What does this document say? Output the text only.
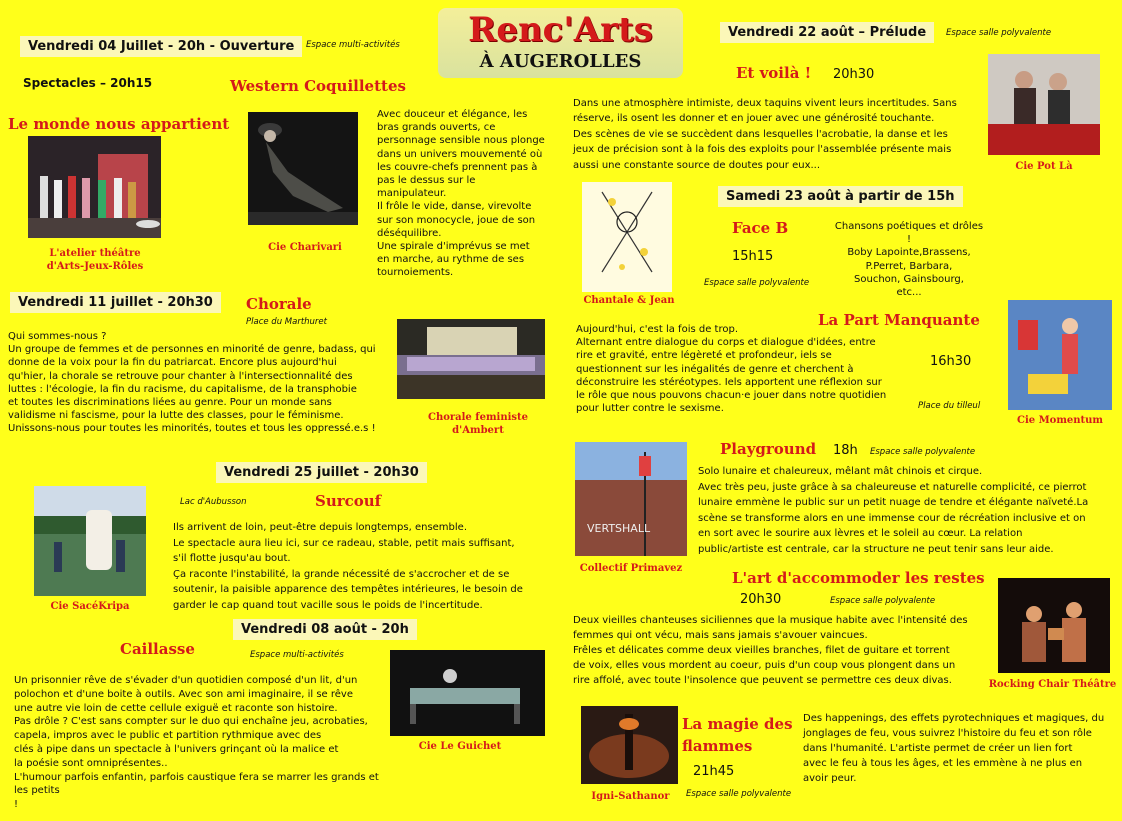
Renc'Arts
À AUGEROLLES
Vendredi 04 Juillet - 20h - Ouverture	Espace multi-activités
Spectacles – 20h15	Western Coquillettes
Le monde nous appartient
L'atelier théâtre
d'Arts-Jeux-Rôles
Cie Charivari
Avec douceur et élégance, les
bras grands ouverts, ce
personnage sensible nous plonge
dans un univers mouvementé où
les couvre-chefs prennent pas à
pas le dessus sur le
manipulateur.
Il frôle le vide, danse, virevolte
sur son monocycle, joue de son
déséquilibre.
Une spirale d'imprévus se met
en marche, au rythme de ses
tournoiements.
Vendredi 11 juillet - 20h30	Chorale
Place du Marthuret
Qui sommes-nous ?
Un groupe de femmes et de personnes en minorité de genre, badass, qui
donne de la voix pour la fin du patriarcat. Encore plus aujourd'hui
qu'hier, la chorale se retrouve pour chanter à l'intersectionnalité des
luttes : l'écologie, la fin du racisme, du capitalisme, de la transphobie
et toutes les discriminations liées au genre. Pour un monde sans
validisme ni fascisme, pour la lutte des classes, pour le féminisme.
Unissons-nous pour toutes les minorités, toutes et tous les oppressé.e.s !
Chorale feministe
d'Ambert
Vendredi 25 juillet - 20h30
Lac d'Aubusson	Surcouf
Cie SacéKripa
Ils arrivent de loin, peut-être depuis longtemps, ensemble.
Le spectacle aura lieu ici, sur ce radeau, stable, petit mais suffisant,
s'il flotte jusqu'au bout.
Ça raconte l'instabilité, la grande nécessité de s'accrocher et de se
soutenir, la paisible apparence des tempêtes intérieures, le besoin de
garder le cap quand tout vacille sous le poids de l'incertitude.
Vendredi 08 août - 20h
Caillasse	Espace multi-activités
Un prisonnier rêve de s'évader d'un quotidien composé d'un lit, d'un
polochon et d'une boite à outils. Avec son ami imaginaire, il se rêve
une autre vie loin de cette cellule exiguë et raconte son histoire.
Pas drôle ? C'est sans compter sur le duo qui enchaîne jeu, acrobaties,
capela, impros avec le public et partition rythmique avec des
clés à pipe dans un spectacle à l'univers grinçant où la malice et
la poésie sont omniprésentes..
L'humour parfois enfantin, parfois caustique fera se marrer les grands et les petits
!
Cie Le Guichet
Vendredi 22 août – Prélude	Espace salle polyvalente
Et voilà ! 20h30
Cie Pot Là
Dans une atmosphère intimiste, deux taquins vivent leurs incertitudes. Sans
réserve, ils osent les donner et en jouer avec une générosité touchante.
Des scènes de vie se succèdent dans lesquelles l'acrobatie, la danse et les
jeux de précision sont à la fois des exploits pour l'assemblée présente mais
aussi une constante source de doutes pour eux...
Samedi 23 août à partir de 15h
Chantale & Jean
Face B
15h15
Espace salle polyvalente
Chansons poétiques et drôles !
Boby Lapointe,Brassens,
P.Perret, Barbara,
Souchon, Gainsbourg,
etc...
La Part Manquante
Aujourd'hui, c'est la fois de trop.
Alternant entre dialogue du corps et dialogue d'idées, entre
rire et gravité, entre légèreté et profondeur, iels se
questionnent sur les inégalités de genre et cherchent à
déconstruire les stéréotypes. Iels apportent une réflexion sur
le rôle que nous pouvons chacun·e jouer dans notre quotidien
pour lutter contre le sexisme.
16h30
Place du tilleul
Cie Momentum
Playground 18h Espace salle polyvalente
VERTSHALL
Collectif Primavez
Solo lunaire et chaleureux, mêlant mât chinois et cirque.
Avec très peu, juste grâce à sa chaleureuse et naturelle complicité, ce pierrot
lunaire emmène le public sur un petit nuage de tendre et élégante naïveté.La
scène se transforme alors en une immense cour de récréation inclusive et on
en sort avec le sourire aux lèvres et le soleil au cœur. La relation
public/artiste est centrale, car la structure ne peut tenir sans leur aide.
L'art d'accommoder les restes
20h30	Espace salle polyvalente
Deux vieilles chanteuses siciliennes que la musique habite avec l'intensité des
femmes qui ont vécu, mais sans jamais s'avouer vaincues.
Frêles et délicates comme deux vieilles branches, filet de guitare et torrent
de voix, elles vous mordent au coeur, puis d'un coup vous plongent dans un
rire affolé, avec toute l'insolence que peuvent se permettre ces deux divas.	Rocking Chair Théâtre
Igni-Sathanor
La magie des
flammes
21h45
Espace salle polyvalente
Des happenings, des effets pyrotechniques et magiques, du
jonglages de feu, vous suivrez l'histoire du feu et son rôle
dans l'humanité. L'artiste permet de créer un lien fort
avec le feu à tous les âges, et les emmène à ne plus en
avoir peur.
